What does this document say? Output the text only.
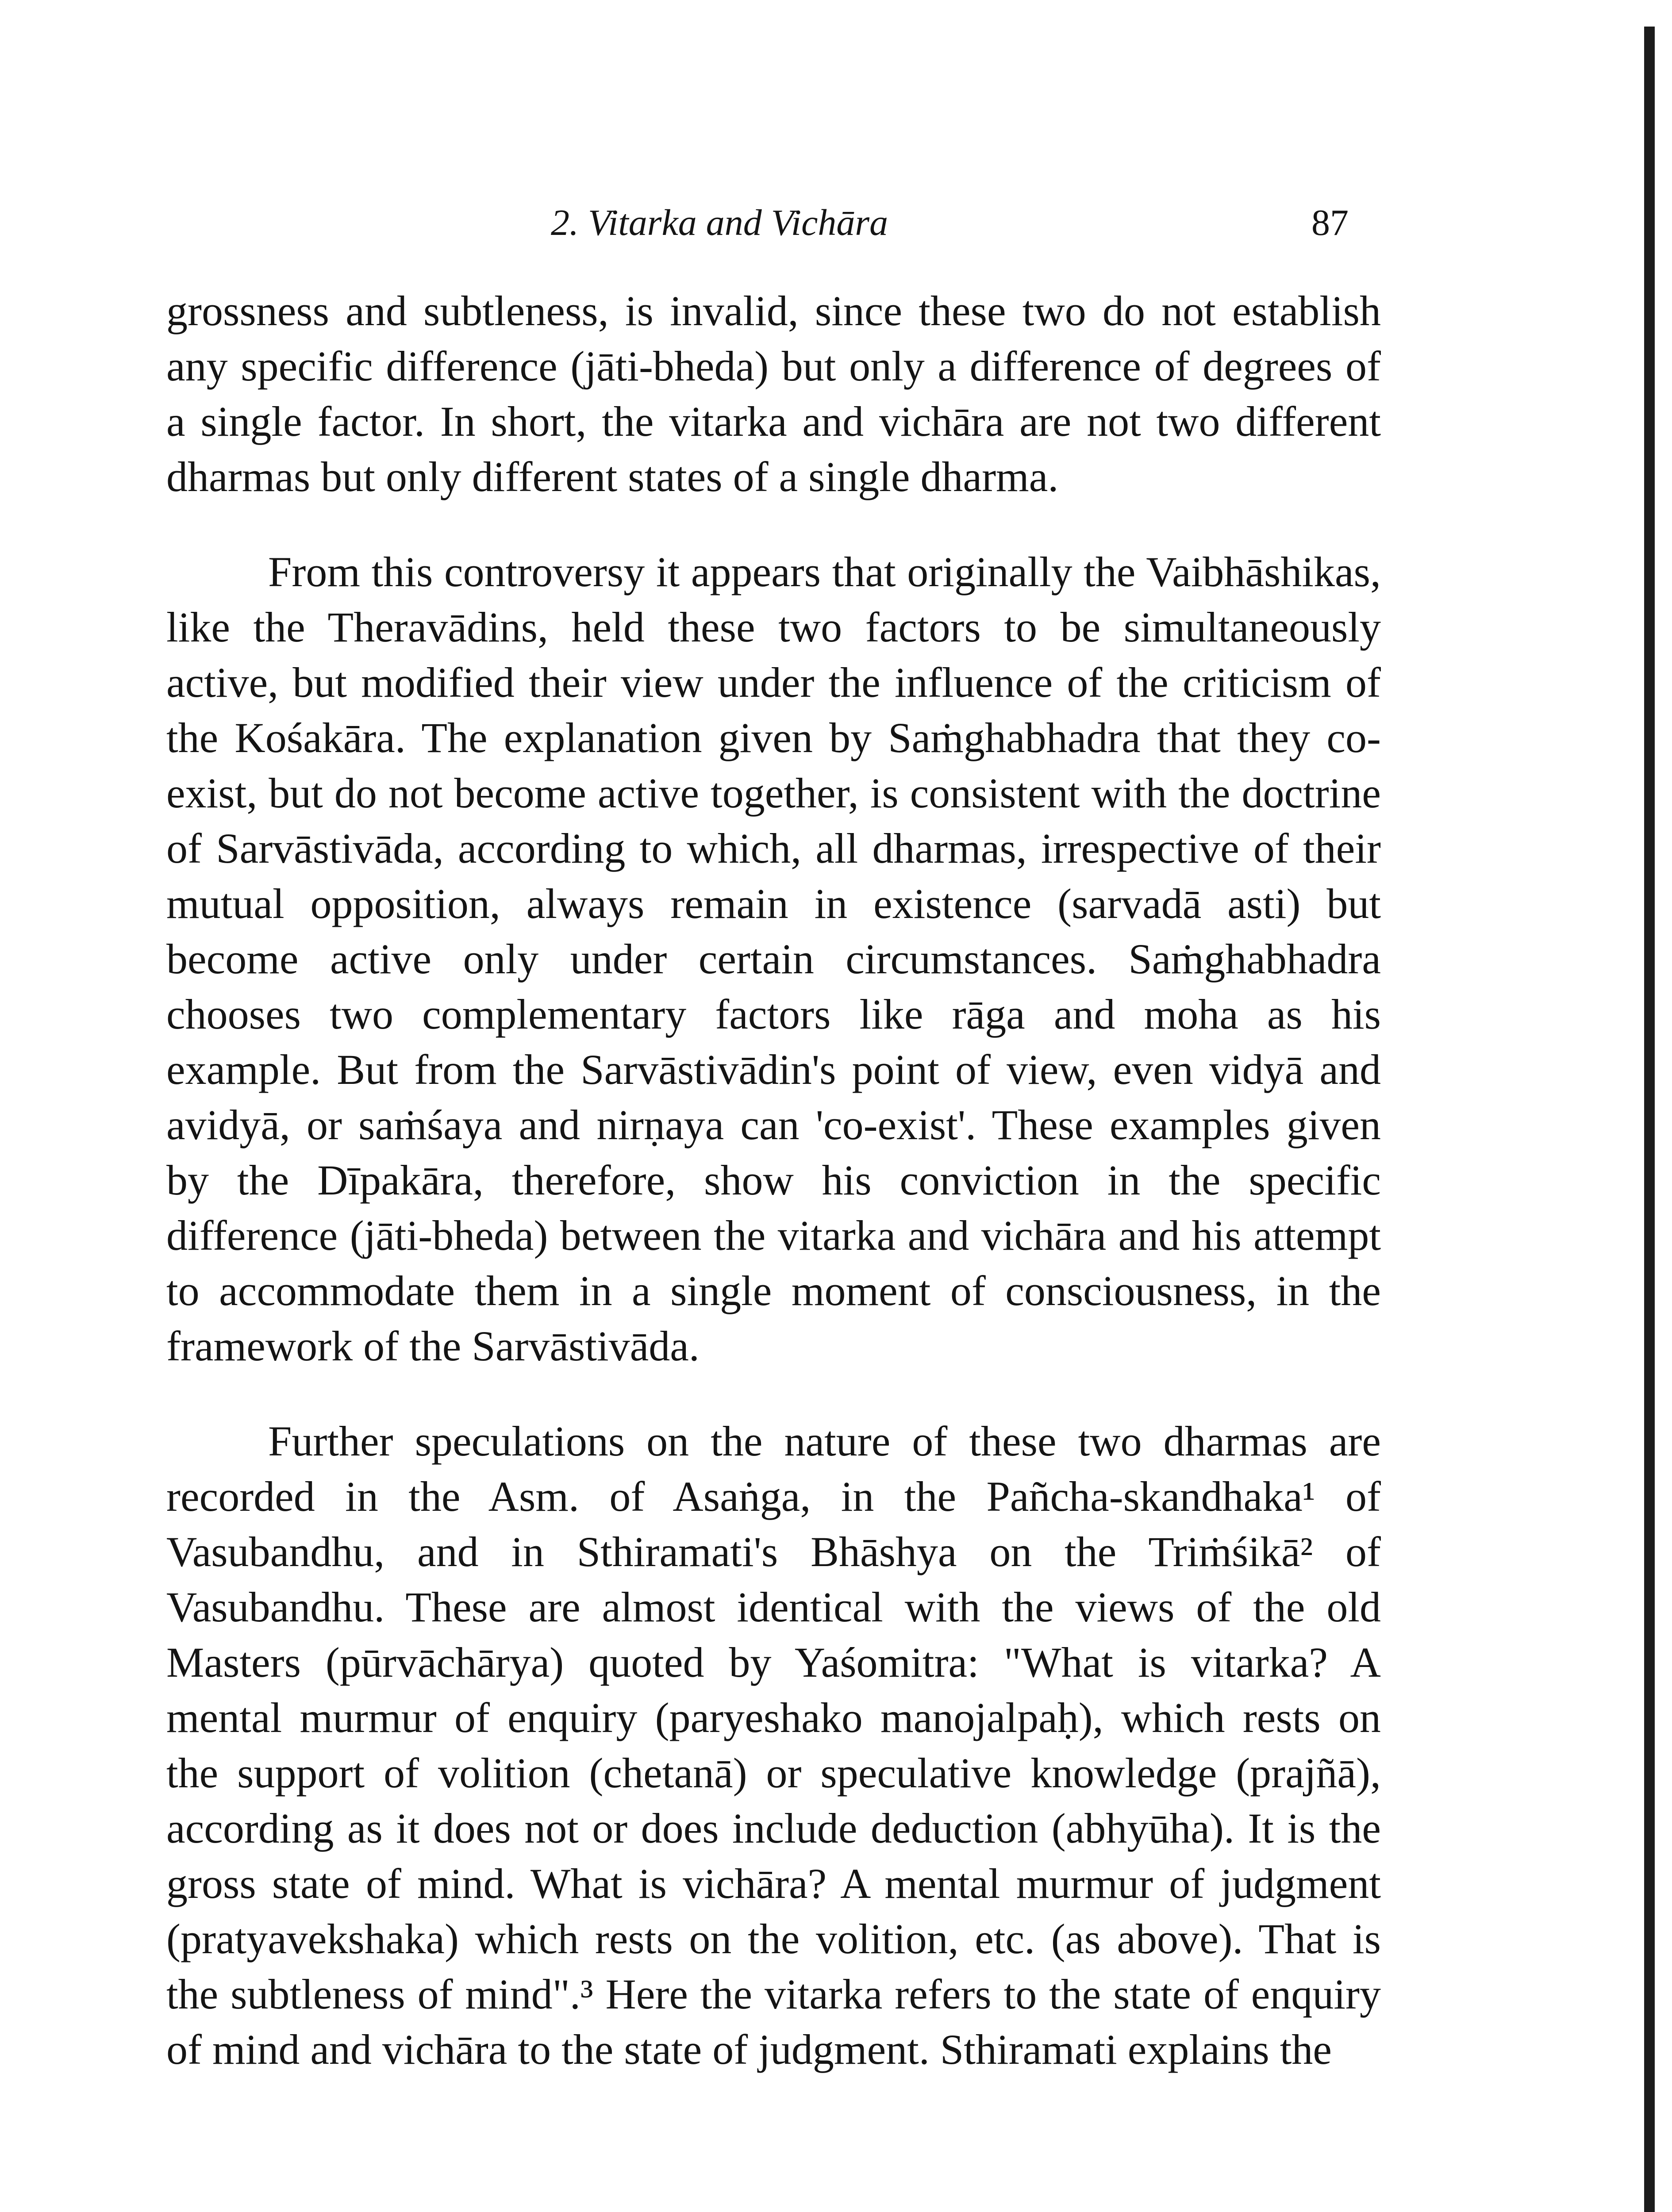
2. Vitarka and Vichāra	87

grossness and subtleness, is invalid, since these two do not establish any specific difference (jāti-bheda) but only a difference of degrees of a single factor. In short, the vitarka and vichāra are not two different dharmas but only different states of a single dharma.

From this controversy it appears that originally the Vaibhāshikas, like the Theravādins, held these two factors to be simultaneously active, but modified their view under the influence of the criticism of the Kośakāra. The explanation given by Saṁghabhadra that they co-exist, but do not become active together, is consistent with the doctrine of Sarvāstivāda, according to which, all dharmas, irrespective of their mutual opposition, always remain in existence (sarvadā asti) but become active only under certain circumstances. Saṁghabhadra chooses two complementary factors like rāga and moha as his example. But from the Sarvāstivādin's point of view, even vidyā and avidyā, or saṁśaya and nirṇaya can 'co-exist'. These examples given by the Dīpakāra, therefore, show his conviction in the specific difference (jāti-bheda) between the vitarka and vichāra and his attempt to accommodate them in a single moment of consciousness, in the framework of the Sarvāstivāda.

Further speculations on the nature of these two dharmas are recorded in the Asm. of Asaṅga, in the Pañcha-skandhaka¹ of Vasubandhu, and in Sthiramati's Bhāshya on the Triṁśikā² of Vasubandhu. These are almost identical with the views of the old Masters (pūrvāchārya) quoted by Yaśomitra: "What is vitarka? A mental murmur of enquiry (paryeshako manojalpaḥ), which rests on the support of volition (chetanā) or speculative knowledge (prajñā), according as it does not or does include deduction (abhyūha). It is the gross state of mind. What is vichāra? A mental murmur of judgment (pratyavekshaka) which rests on the volition, etc. (as above). That is the subtleness of mind".³ Here the vitarka refers to the state of enquiry of mind and vichāra to the state of judgment. Sthiramati explains the
